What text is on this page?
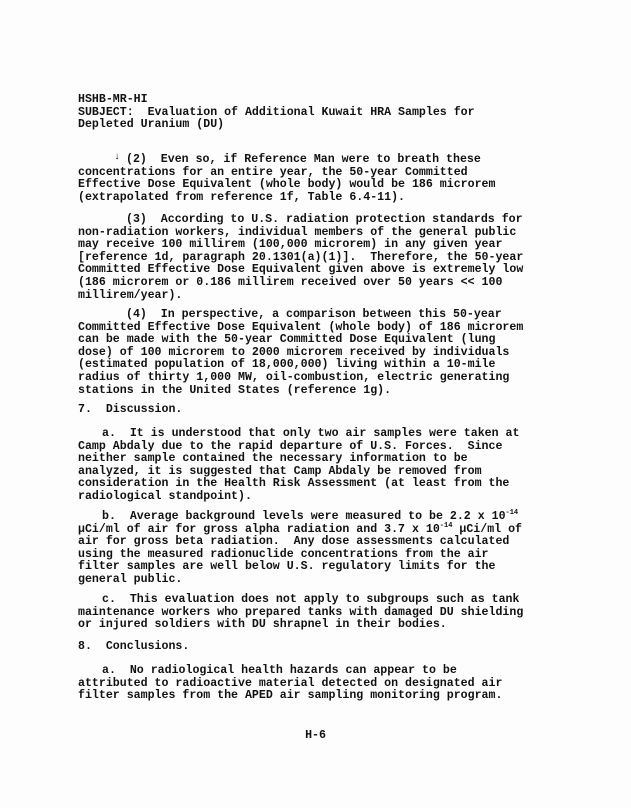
↓
HSHB-MR-HI
SUBJECT:  Evaluation of Additional Kuwait HRA Samples for
Depleted Uranium (DU)
(2)  Even so, if Reference Man were to breath these
concentrations for an entire year, the 50-year Committed
Effective Dose Equivalent (whole body) would be 186 microrem
(extrapolated from reference 1f, Table 6.4-11).
(3)  According to U.S. radiation protection standards for
non-radiation workers, individual members of the general public
may receive 100 millirem (100,000 microrem) in any given year
[reference 1d, paragraph 20.1301(a)(1)].  Therefore, the 50-year
Committed Effective Dose Equivalent given above is extremely low
(186 microrem or 0.186 millirem received over 50 years << 100
millirem/year).
(4)  In perspective, a comparison between this 50-year
Committed Effective Dose Equivalent (whole body) of 186 microrem
can be made with the 50-year Committed Dose Equivalent (lung
dose) of 100 microrem to 2000 microrem received by individuals
(estimated population of 18,000,000) living within a 10-mile
radius of thirty 1,000 MW, oil-combustion, electric generating
stations in the United States (reference 1g).
7.  Discussion.
a.  It is understood that only two air samples were taken at
Camp Abdaly due to the rapid departure of U.S. Forces.  Since
neither sample contained the necessary information to be
analyzed, it is suggested that Camp Abdaly be removed from
consideration in the Health Risk Assessment (at least from the
radiological standpoint).
b.  Average background levels were measured to be 2.2 x $10^{-14}$
µCi/ml of air for gross alpha radiation and 3.7 x $10^{-14}$ µCi/ml of
air for gross beta radiation.  Any dose assessments calculated
using the measured radionuclide concentrations from the air
filter samples are well below U.S. regulatory limits for the
general public.
c.  This evaluation does not apply to subgroups such as tank
maintenance workers who prepared tanks with damaged DU shielding
or injured soldiers with DU shrapnel in their bodies.
8.  Conclusions.
a.  No radiological health hazards can appear to be
attributed to radioactive material detected on designated air
filter samples from the APED air sampling monitoring program.
H-6
